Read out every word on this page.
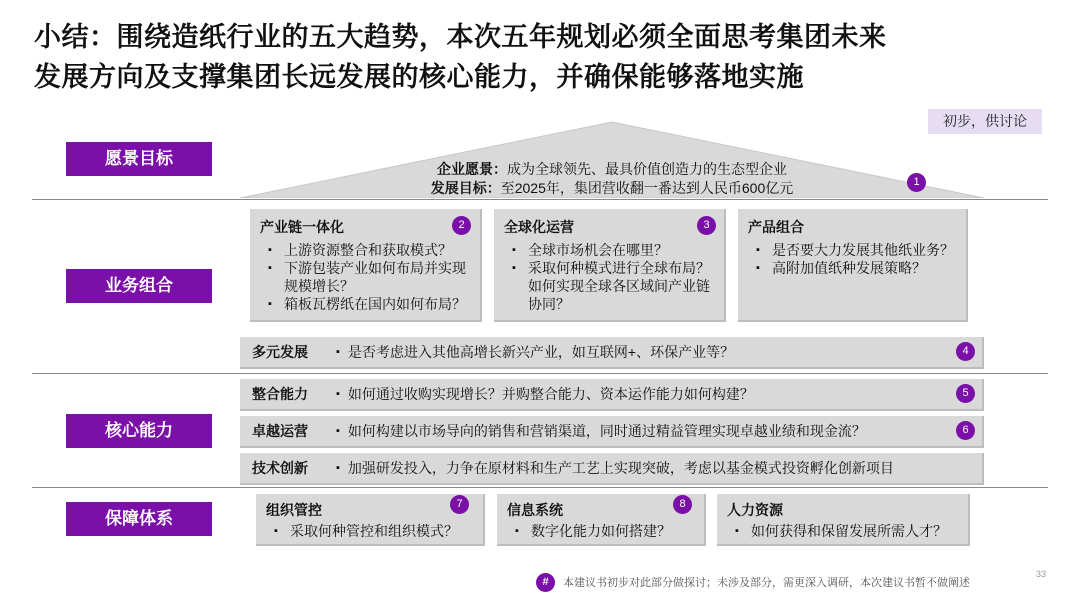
小结：围绕造纸行业的五大趋势，本次五年规划必须全面思考集团未来
发展方向及支撑集团长远发展的核心能力，并确保能够落地实施
初步，供讨论
愿景目标
业务组合
核心能力
保障体系
企业愿景：成为全球领先、最具价值创造力的生态型企业
发展目标：至2025年，集团营收翻一番达到人民币600亿元	1
产业链一体化
▪ 上游资源整合和获取模式？
▪ 下游包装产业如何布局并实现规模增长？
▪ 箱板瓦楞纸在国内如何布局？
2	全球化运营
▪ 全球市场机会在哪里？
▪ 采取何种模式进行全球布局？如何实现全球各区域间产业链协同？
3	产品组合
▪ 是否要大力发展其他纸业务？
▪ 高附加值纸种发展策略？
多元发展	▪ 是否考虑进入其他高增长新兴产业，如互联网+、环保产业等？	4
整合能力	▪ 如何通过收购实现增长？并购整合能力、资本运作能力如何构建？	5
卓越运营	▪ 如何构建以市场导向的销售和营销渠道，同时通过精益管理实现卓越业绩和现金流？	6
技术创新	▪ 加强研发投入，力争在原材料和生产工艺上实现突破，考虑以基金模式投资孵化创新项目
组织管控
▪ 采取何种管控和组织模式？
7	信息系统
▪ 数字化能力如何搭建？
8	人力资源
▪ 如何获得和保留发展所需人才？
#	本建议书初步对此部分做探讨；未涉及部分，需更深入调研，本次建议书暂不做阐述
33
